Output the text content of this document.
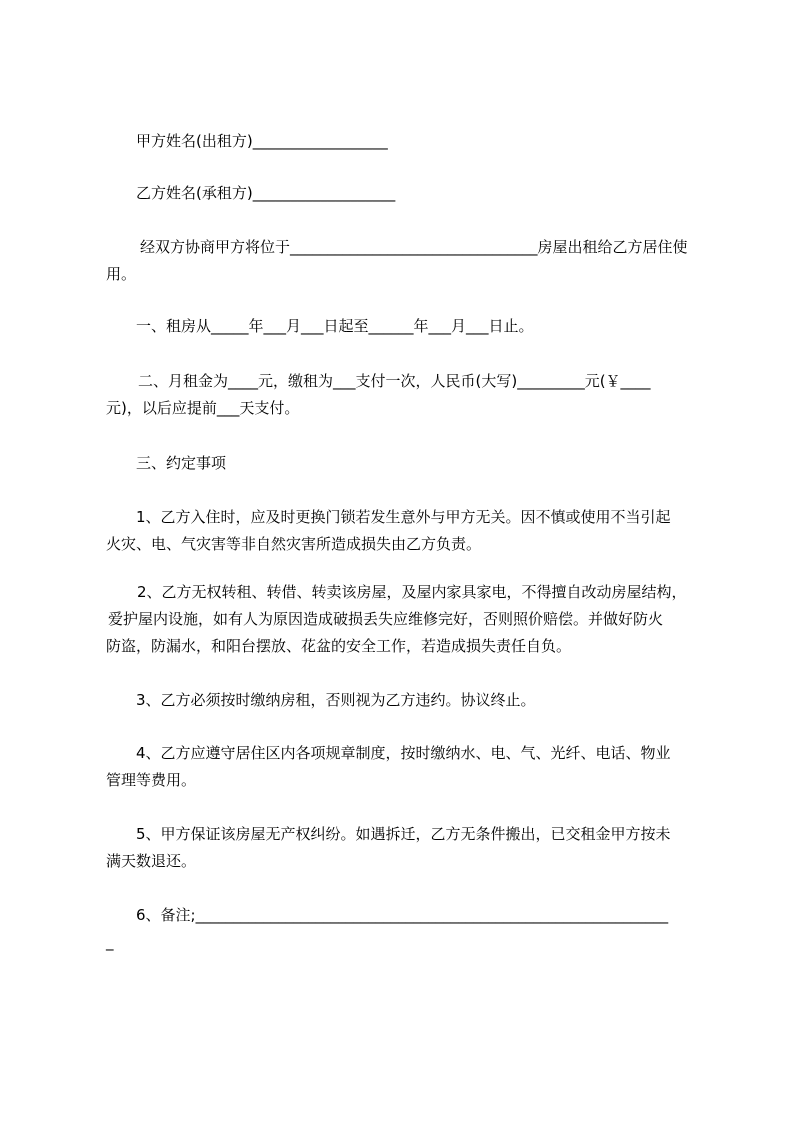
甲方姓名(出租方)__________________

乙方姓名(承租方)___________________

经双方协商甲方将位于_________________________________房屋出租给乙方居住使

用。

一、租房从_____年___月___日起至______年___月___日止。

二、月租金为____元，缴租为___支付一次，人民币(大写)_________元(￥____

元)，以后应提前___天支付。

三、约定事项

1、乙方入住时，应及时更换门锁若发生意外与甲方无关。因不慎或使用不当引起

火灾、电、气灾害等非自然灾害所造成损失由乙方负责。

2、乙方无权转租、转借、转卖该房屋，及屋内家具家电，不得擅自改动房屋结构，

爱护屋内设施，如有人为原因造成破损丢失应维修完好，否则照价赔偿。并做好防火

防盗，防漏水，和阳台摆放、花盆的安全工作，若造成损失责任自负。

3、乙方必须按时缴纳房租，否则视为乙方违约。协议终止。

4、乙方应遵守居住区内各项规章制度，按时缴纳水、电、气、光纤、电话、物业

管理等费用。

5、甲方保证该房屋无产权纠纷。如遇拆迁，乙方无条件搬出，已交租金甲方按未

满天数退还。

6、备注;_______________________________________________________________

_
